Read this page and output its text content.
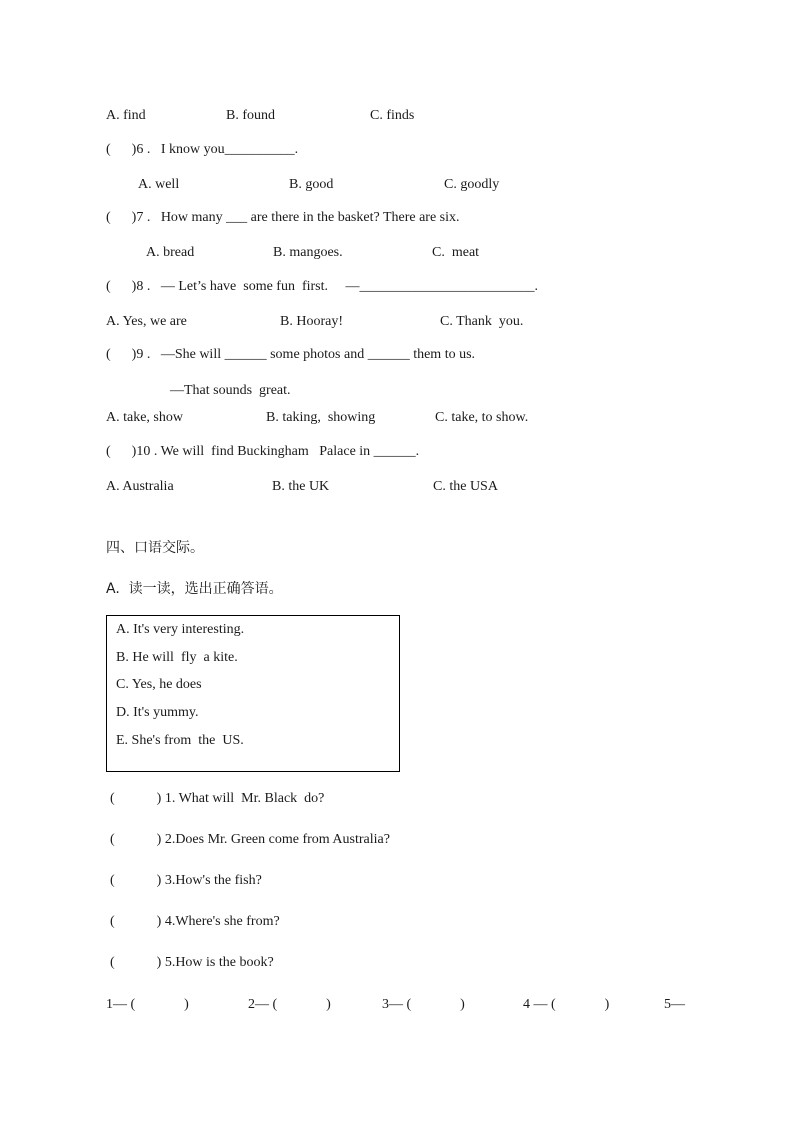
A. find	B. found	C. finds
(      )6 .   I know you__________.
A. well	B. good	C. goodly
(      )7 .   How many ___ are there in the basket? There are six.
A. bread	B. mangoes.	C.  meat
(      )8 .   — Let’s have  some fun  first.     —_________________________.
A. Yes, we are	B. Hooray!	C. Thank  you.
(      )9 .   —She will ______ some photos and ______ them to us.
—That sounds  great.
A. take, show	B. taking,  showing	C. take, to show.
(      )10 . We will  find Buckingham   Palace in ______.
A. Australia	B. the UK	C. the USA
四、口语交际。
A.  读一读，选出正确答语。
A. It's very interesting.
B. He will  fly  a kite.
C. Yes, he does
D. It's yummy.
E. She's from  the  US.
(            ) 1. What will  Mr. Black  do?
(            ) 2.Does Mr. Green come from Australia?
(            ) 3.How's the fish?
(            ) 4.Where's she from?
(            ) 5.How is the book?
1— (              )	2— (              )	3— (              )	4 — (              )	5—
